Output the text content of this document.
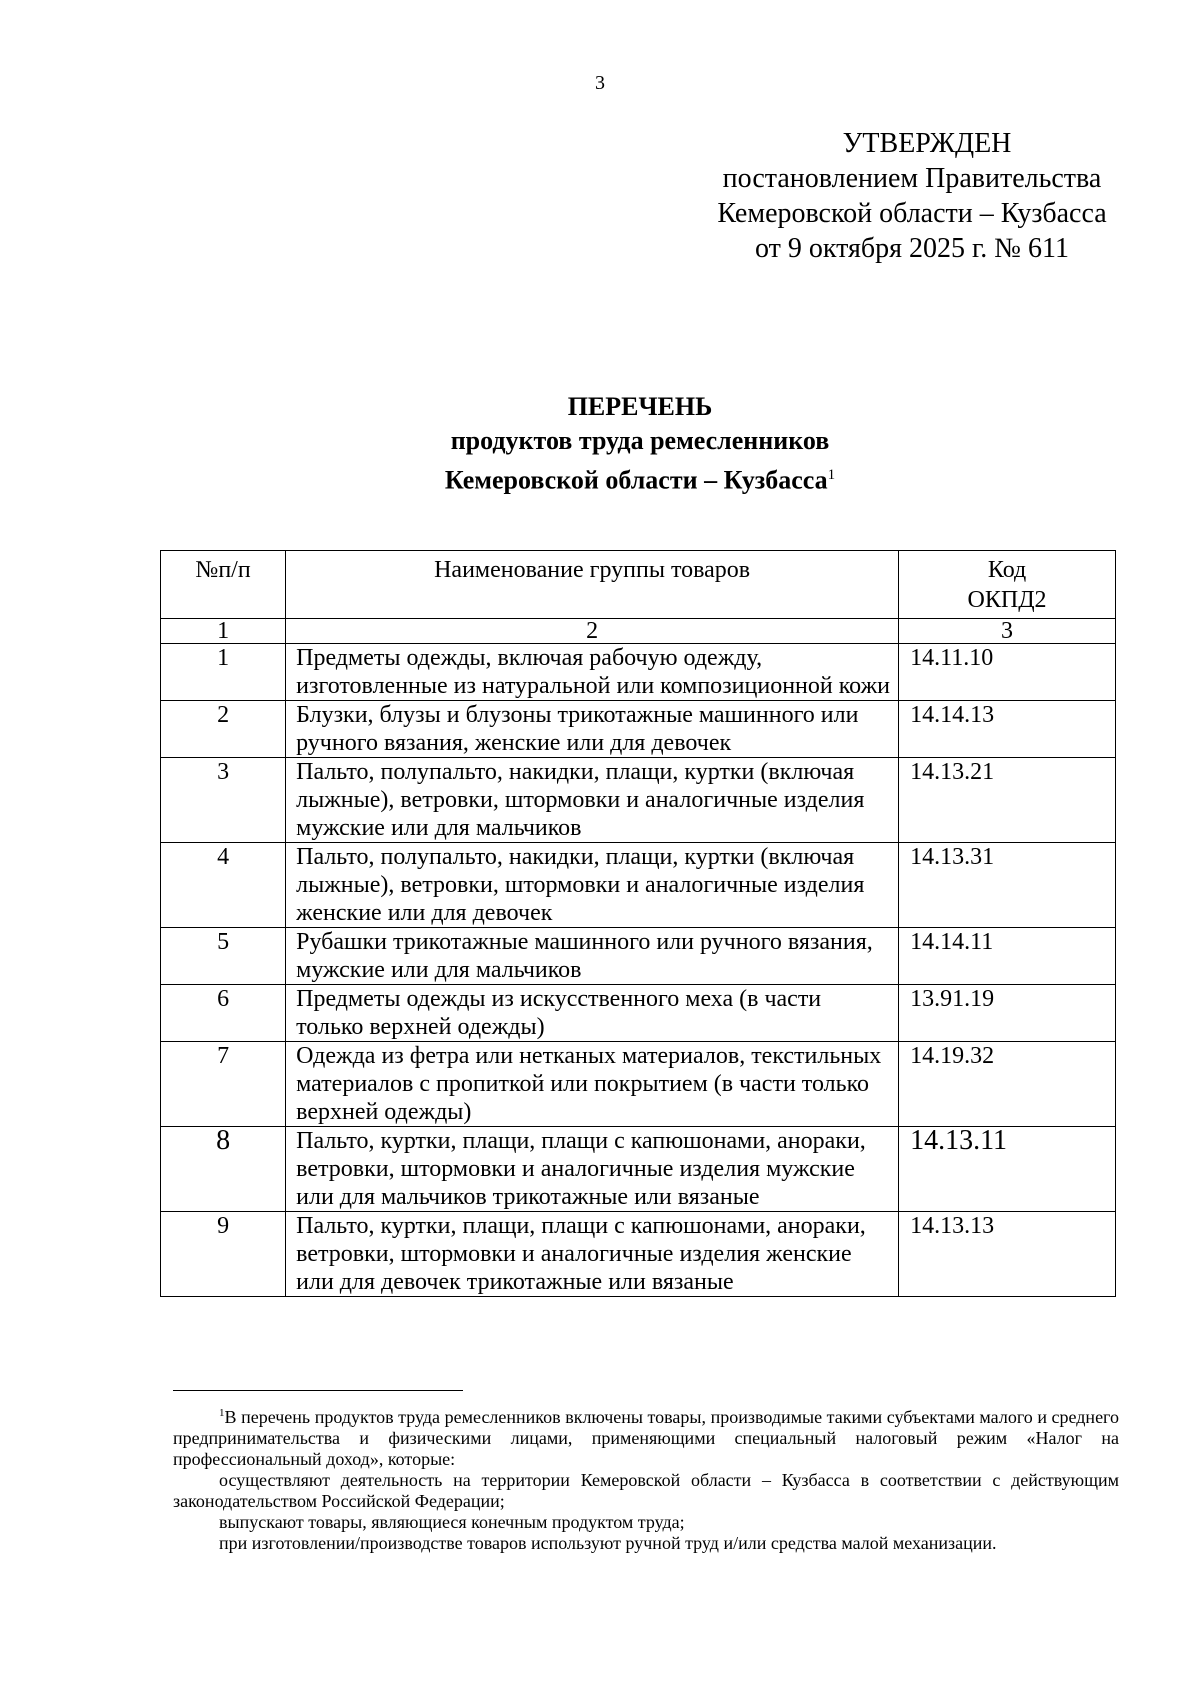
3
УТВЕРЖДЕН
постановлением Правительства
Кемеровской области – Кузбасса
от 9 октября 2025 г. № 611
ПЕРЕЧЕНЬ
продуктов труда ремесленников
Кемеровской области – Кузбасса$^1$
№п/п	Наименование группы товаров	Код
ОКПД2

1	2	3
1	Предметы одежды, включая рабочую одежду, изготовленные из натуральной или композиционной кожи	14.11.10
2	Блузки, блузы и блузоны трикотажные машинного или ручного вязания, женские или для девочек	14.14.13
3	Пальто, полупальто, накидки, плащи, куртки (включая лыжные), ветровки, штормовки и аналогичные изделия мужские или для мальчиков	14.13.21
4	Пальто, полупальто, накидки, плащи, куртки (включая лыжные), ветровки, штормовки и аналогичные изделия женские или для девочек	14.13.31
5	Рубашки трикотажные машинного или ручного вязания, мужские или для мальчиков	14.14.11
6	Предметы одежды из искусственного меха (в части только верхней одежды)	13.91.19
7	Одежда из фетра или нетканых материалов, текстильных материалов с пропиткой или покрытием (в части только верхней одежды)	14.19.32
8	Пальто, куртки, плащи, плащи с капюшонами, анораки, ветровки, штормовки и аналогичные изделия мужские или для мальчиков трикотажные или вязаные	14.13.11
9	Пальто, куртки, плащи, плащи с капюшонами, анораки, ветровки, штормовки и аналогичные изделия женские или для девочек трикотажные или вязаные	14.13.13

$^1$В перечень продуктов труда ремесленников включены товары, производимые такими субъектами малого и среднего предпринимательства и физическими лицами, применяющими специальный налоговый режим «Налог на профессиональный доход», которые:

осуществляют деятельность на территории Кемеровской области – Кузбасса в соответствии с действующим законодательством Российской Федерации;

выпускают товары, являющиеся конечным продуктом труда;

при изготовлении/производстве товаров используют ручной труд и/или средства малой механизации.
